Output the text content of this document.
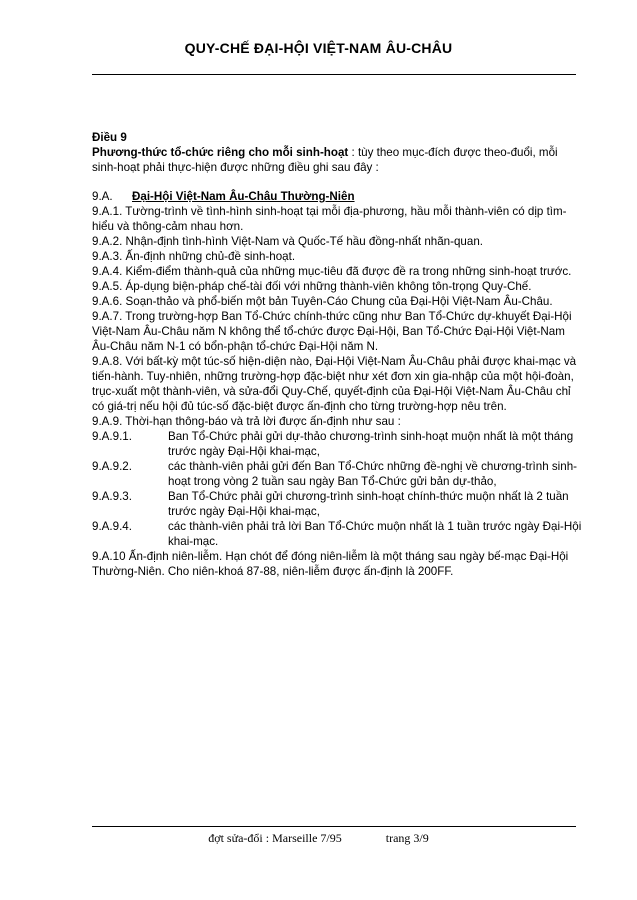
QUY-CHẾ ĐẠI-HỘI VIỆT-NAM ÂU-CHÂU

Điều 9

Phương-thức tổ-chức riêng cho mỗi sinh-hoạt : tùy theo mục-đích được theo-đuổi, mỗi sinh-hoạt phải thực-hiện được những điều ghi sau đây :

9.A. Đại-Hội Việt-Nam Âu-Châu Thường-Niên

9.A.1. Tường-trình về tình-hình sinh-hoạt tại mỗi địa-phương, hầu mỗi thành-viên có dịp tìm-hiểu và thông-cảm nhau hơn.

9.A.2. Nhận-định tình-hình Việt-Nam và Quốc-Tế hầu đồng-nhất nhãn-quan.

9.A.3. Ấn-định những chủ-đề sinh-hoạt.

9.A.4. Kiểm-điểm thành-quả của những mục-tiêu đã được đề ra trong những sinh-hoạt trước.

9.A.5. Áp-dụng biện-pháp chế-tài đối với những thành-viên không tôn-trọng Quy-Chế.

9.A.6. Soạn-thảo và phổ-biến một bản Tuyên-Cáo Chung của Đại-Hội Việt-Nam Âu-Châu.

9.A.7. Trong trường-hợp Ban Tổ-Chức chính-thức cũng như Ban Tổ-Chức dự-khuyết Đại-Hội Việt-Nam Âu-Châu năm N không thể tổ-chức được Đại-Hội, Ban Tổ-Chức Đại-Hội Việt-Nam Âu-Châu năm N-1 có bổn-phận tổ-chức Đại-Hội năm N.

9.A.8. Với bất-kỳ một túc-số hiện-diện nào, Đại-Hội Việt-Nam Âu-Châu phải được khai-mạc và tiến-hành. Tuy-nhiên, những trường-hợp đặc-biệt như xét đơn xin gia-nhập của một hội-đoàn, trục-xuất một thành-viên, và sửa-đổi Quy-Chế, quyết-định của Đại-Hội Việt-Nam Âu-Châu chỉ có giá-trị nếu hội đủ túc-số đặc-biệt được ấn-định cho từng trường-hợp nêu trên.

9.A.9. Thời-hạn thông-báo và trả lời được ấn-định như sau :

9.A.9.1.	Ban Tổ-Chức phải gửi dự-thảo chương-trình sinh-hoạt muộn nhất là một tháng trước ngày Đại-Hội khai-mạc,
9.A.9.2.	các thành-viên phải gửi đến Ban Tổ-Chức những đề-nghị về chương-trình sinh-hoạt trong vòng 2 tuần sau ngày Ban Tổ-Chức gửi bản dự-thảo,
9.A.9.3.	Ban Tổ-Chức phải gửi chương-trình sinh-hoạt chính-thức muộn nhất là 2 tuần trước ngày Đại-Hội khai-mạc,
9.A.9.4.	các thành-viên phải trả lời Ban Tổ-Chức muộn nhất là 1 tuần trước ngày Đại-Hội khai-mạc.

9.A.10 Ấn-định niên-liễm. Hạn chót để đóng niên-liễm là một tháng sau ngày bế-mạc Đại-Hội Thường-Niên. Cho niên-khoá 87-88, niên-liễm được ấn-định là 200FF.

đợt sửa-đổi : Marseille 7/95	trang 3/9
